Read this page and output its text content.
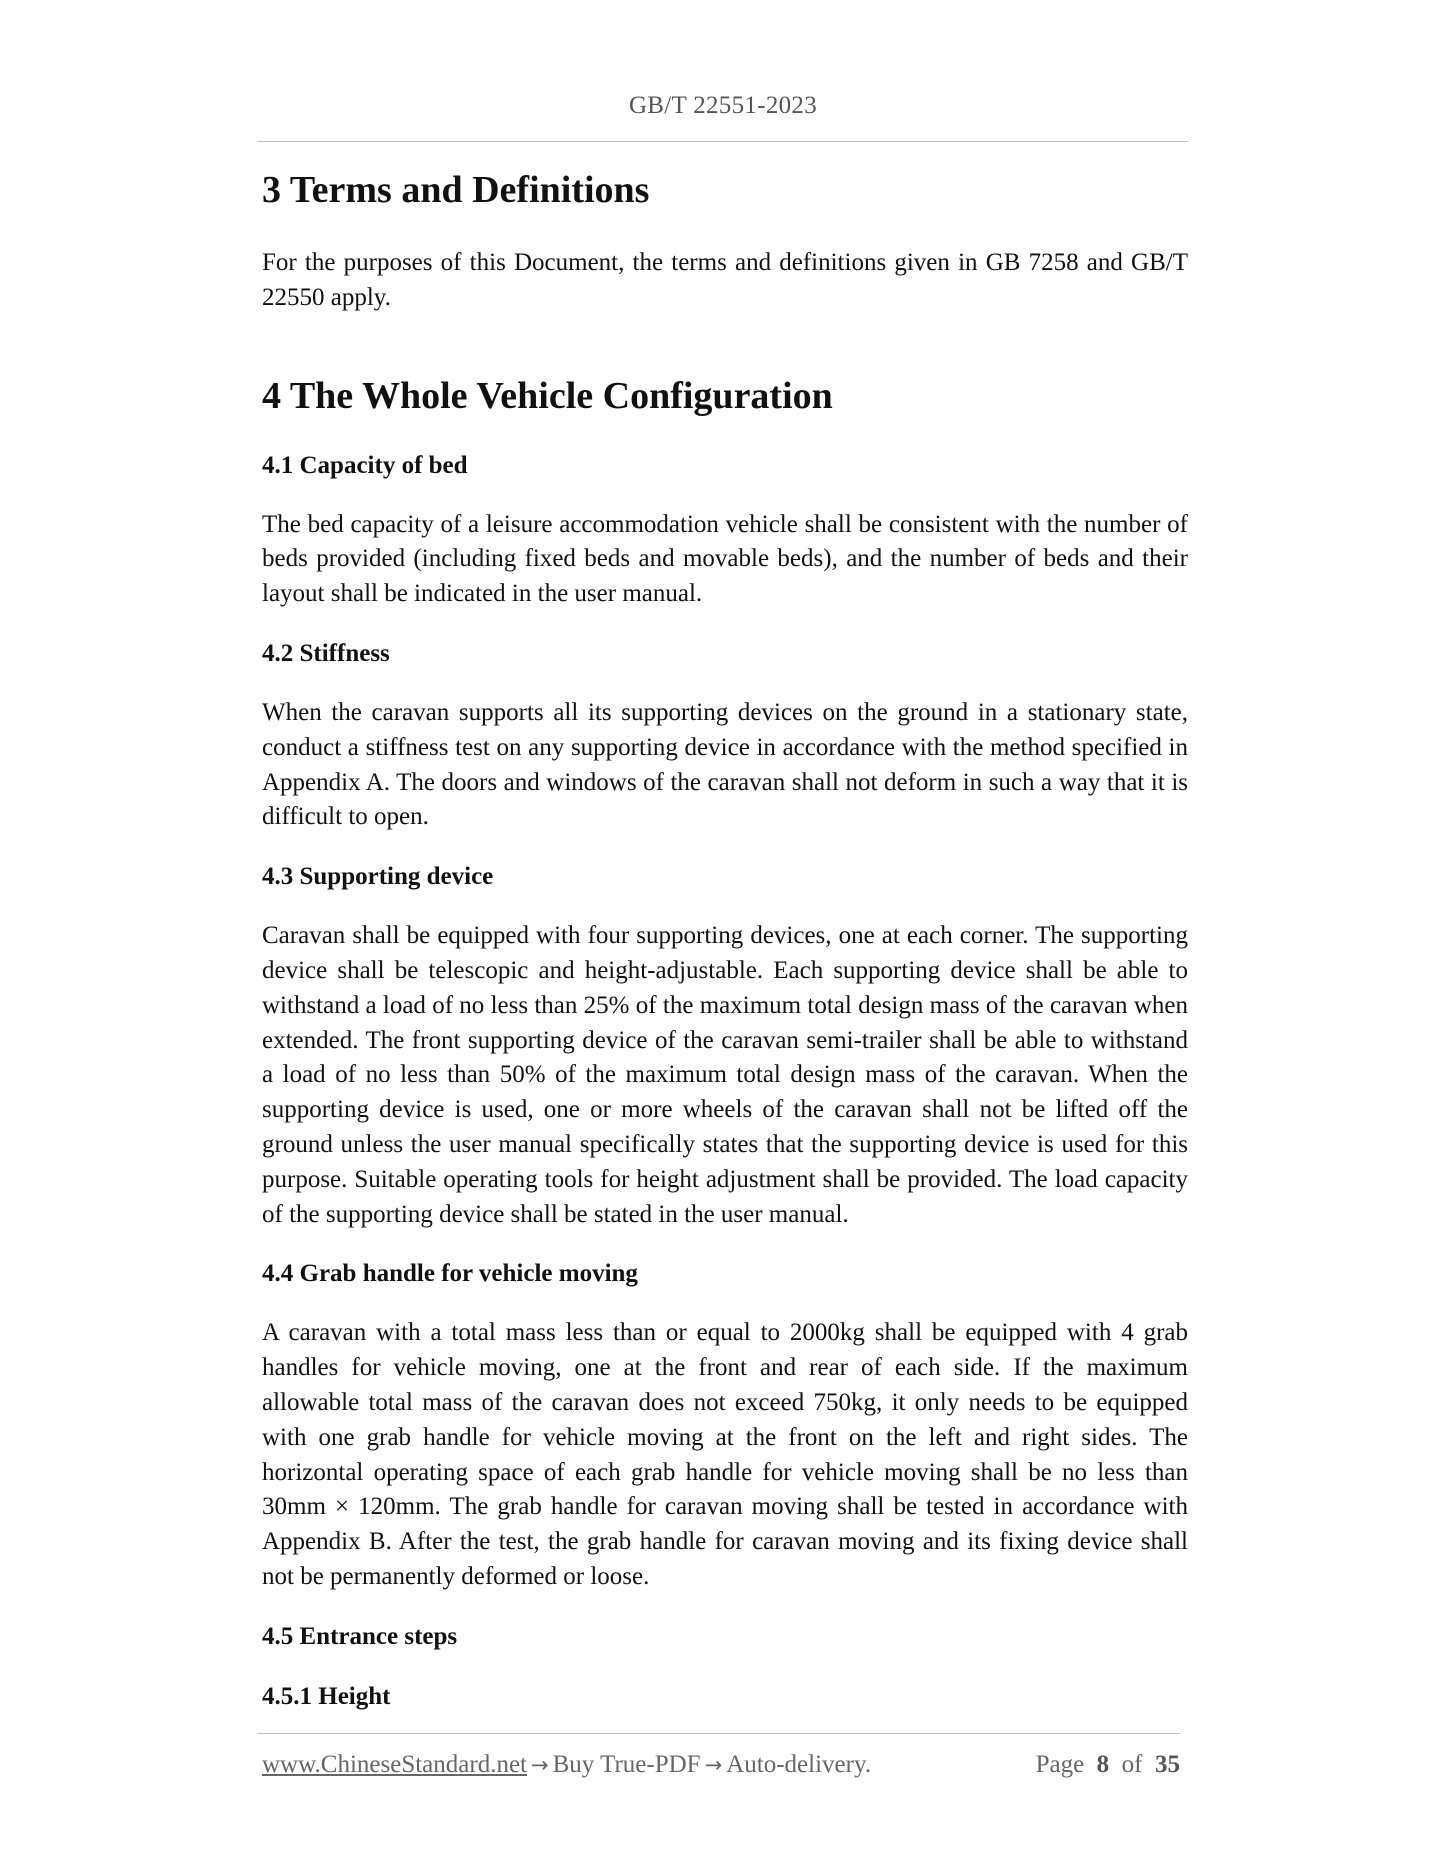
GB/T 22551-2023
3 Terms and Definitions

For the purposes of this Document, the terms and definitions given in GB 7258 and GB/T 22550 apply.

4 The Whole Vehicle Configuration
4.1 Capacity of bed

The bed capacity of a leisure accommodation vehicle shall be consistent with the number of beds provided (including fixed beds and movable beds), and the number of beds and their layout shall be indicated in the user manual.

4.2 Stiffness

When the caravan supports all its supporting devices on the ground in a stationary state, conduct a stiffness test on any supporting device in accordance with the method specified in Appendix A. The doors and windows of the caravan shall not deform in such a way that it is difficult to open.

4.3 Supporting device

Caravan shall be equipped with four supporting devices, one at each corner. The supporting device shall be telescopic and height-adjustable. Each supporting device shall be able to withstand a load of no less than 25% of the maximum total design mass of the caravan when extended. The front supporting device of the caravan semi-trailer shall be able to withstand a load of no less than 50% of the maximum total design mass of the caravan. When the supporting device is used, one or more wheels of the caravan shall not be lifted off the ground unless the user manual specifically states that the supporting device is used for this purpose. Suitable operating tools for height adjustment shall be provided. The load capacity of the supporting device shall be stated in the user manual.

4.4 Grab handle for vehicle moving

A caravan with a total mass less than or equal to 2000kg shall be equipped with 4 grab handles for vehicle moving, one at the front and rear of each side. If the maximum allowable total mass of the caravan does not exceed 750kg, it only needs to be equipped with one grab handle for vehicle moving at the front on the left and right sides. The horizontal operating space of each grab handle for vehicle moving shall be no less than 30mm × 120mm. The grab handle for caravan moving shall be tested in accordance with Appendix B. After the test, the grab handle for caravan moving and its fixing device shall not be permanently deformed or loose.

4.5 Entrance steps
4.5.1 Height
www.ChineseStandard.net → Buy True-PDF → Auto-delivery.	Page 8 of 35
